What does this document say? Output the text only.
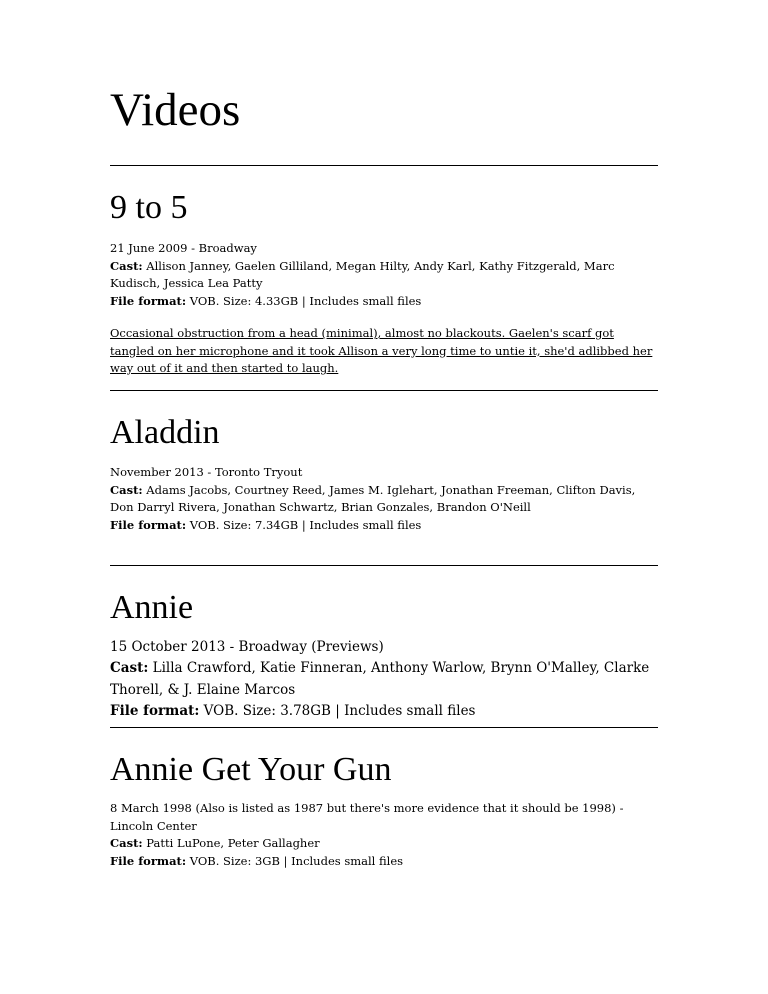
Videos
9 to 5
21 June 2009 - Broadway
Cast: Allison Janney, Gaelen Gilliland, Megan Hilty, Andy Karl, Kathy Fitzgerald, Marc Kudisch, Jessica Lea Patty
File format: VOB. Size: 4.33GB | Includes small files
Occasional obstruction from a head (minimal), almost no blackouts. Gaelen's scarf got tangled on her microphone and it took Allison a very long time to untie it, she'd adlibbed her way out of it and then started to laugh.
Aladdin
November 2013 - Toronto Tryout
Cast: Adams Jacobs, Courtney Reed, James M. Iglehart, Jonathan Freeman, Clifton Davis, Don Darryl Rivera, Jonathan Schwartz, Brian Gonzales, Brandon O'Neill
File format: VOB. Size: 7.34GB | Includes small files
Annie
15 October 2013 - Broadway (Previews)
Cast: Lilla Crawford, Katie Finneran, Anthony Warlow, Brynn O'Malley, Clarke Thorell, & J. Elaine Marcos
File format: VOB. Size: 3.78GB | Includes small files
Annie Get Your Gun
8 March 1998 (Also is listed as 1987 but there's more evidence that it should be 1998) - Lincoln Center
Cast: Patti LuPone, Peter Gallagher
File format: VOB. Size: 3GB | Includes small files
